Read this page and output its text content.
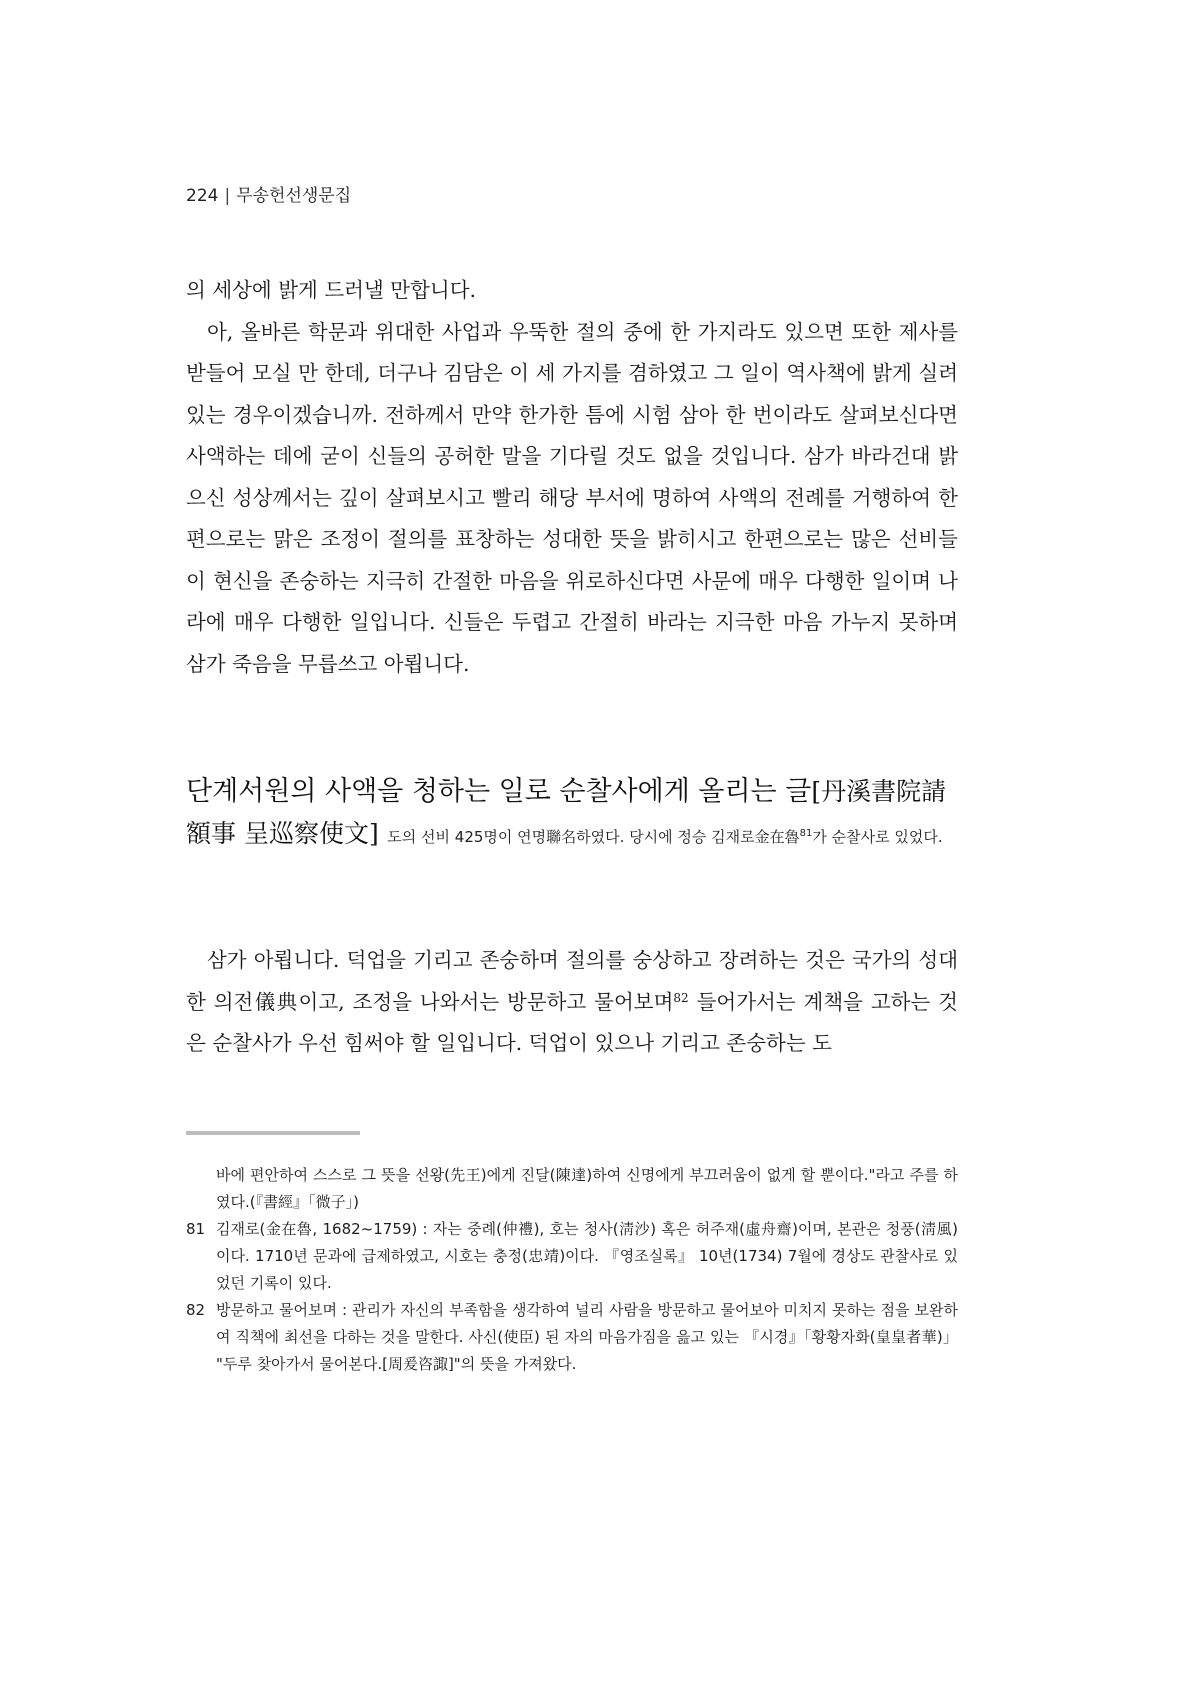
224 | 무송헌선생문집

의 세상에 밝게 드러낼 만합니다.

아, 올바른 학문과 위대한 사업과 우뚝한 절의 중에 한 가지라도 있으면 또한 제사를 받들어 모실 만 한데, 더구나 김담은 이 세 가지를 겸하였고 그 일이 역사책에 밝게 실려 있는 경우이겠습니까. 전하께서 만약 한가한 틈에 시험 삼아 한 번이라도 살펴보신다면 사액하는 데에 굳이 신들의 공허한 말을 기다릴 것도 없을 것입니다. 삼가 바라건대 밝으신 성상께서는 깊이 살펴보시고 빨리 해당 부서에 명하여 사액의 전례를 거행하여 한편으로는 맑은 조정이 절의를 표창하는 성대한 뜻을 밝히시고 한편으로는 많은 선비들이 현신을 존숭하는 지극히 간절한 마음을 위로하신다면 사문에 매우 다행한 일이며 나라에 매우 다행한 일입니다. 신들은 두렵고 간절히 바라는 지극한 마음 가누지 못하며 삼가 죽음을 무릅쓰고 아룁니다.

단계서원의 사액을 청하는 일로 순찰사에게 올리는 글[丹溪書院請額事 呈巡察使文] 도의 선비 425명이 연명聯名하였다. 당시에 정승 김재로金在魯$^{81}$가 순찰사로 있었다.

삼가 아룁니다. 덕업을 기리고 존숭하며 절의를 숭상하고 장려하는 것은 국가의 성대한 의전儀典이고, 조정을 나와서는 방문하고 물어보며$^{82}$ 들어가서는 계책을 고하는 것은 순찰사가 우선 힘써야 할 일입니다. 덕업이 있으나 기리고 존숭하는 도

바에 편안하여 스스로 그 뜻을 선왕(先王)에게 진달(陳達)하여 신명에게 부끄러움이 없게 할 뿐이다."라고 주를 하였다.(『書經』「微子」)

81 김재로(金在魯, 1682~1759) : 자는 중례(仲禮), 호는 청사(淸沙) 혹은 허주재(虛舟齋)이며, 본관은 청풍(淸風)이다. 1710년 문과에 급제하였고, 시호는 충정(忠靖)이다. 『영조실록』 10년(1734) 7월에 경상도 관찰사로 있었던 기록이 있다.
82 방문하고 물어보며 : 관리가 자신의 부족함을 생각하여 널리 사람을 방문하고 물어보아 미치지 못하는 점을 보완하여 직책에 최선을 다하는 것을 말한다. 사신(使臣) 된 자의 마음가짐을 읊고 있는 『시경』「황황자화(皇皇者華)」 "두루 찾아가서 물어본다.[周爰咨諏]"의 뜻을 가져왔다.
